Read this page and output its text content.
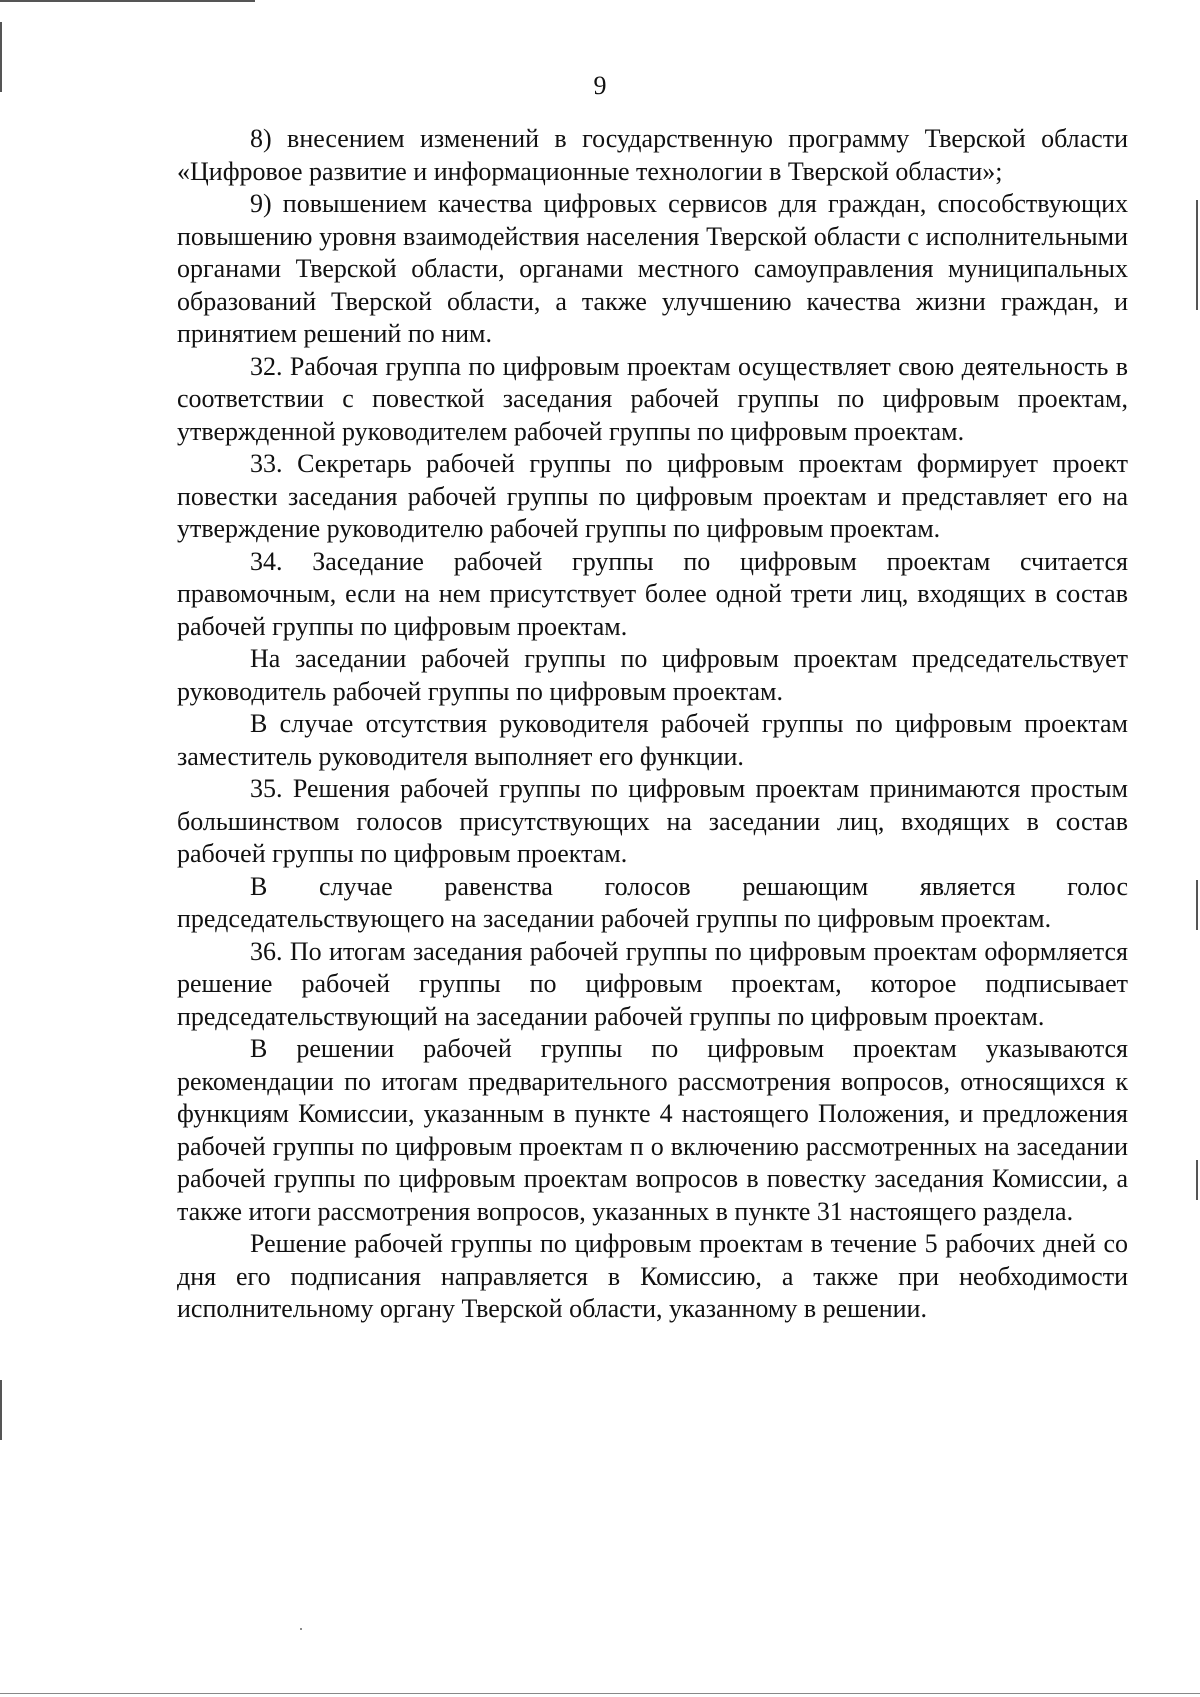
9

8) внесением изменений в государственную программу Тверской области «Цифровое развитие и информационные технологии в Тверской области»;

9) повышением качества цифровых сервисов для граждан, способствующих повышению уровня взаимодействия населения Тверской области с исполнительными органами Тверской области, органами местного самоуправления муниципальных образований Тверской области, а также улучшению качества жизни граждан, и принятием решений по ним.

32. Рабочая группа по цифровым проектам осуществляет свою деятельность в соответствии с повесткой заседания рабочей группы по цифровым проектам, утвержденной руководителем рабочей группы по цифровым проектам.

33. Секретарь рабочей группы по цифровым проектам формирует проект повестки заседания рабочей группы по цифровым проектам и представляет его на утверждение руководителю рабочей группы по цифровым проектам.

34. Заседание рабочей группы по цифровым проектам считается правомочным, если на нем присутствует более одной трети лиц, входящих в состав рабочей группы по цифровым проектам.

На заседании рабочей группы по цифровым проектам председательствует руководитель рабочей группы по цифровым проектам.

В случае отсутствия руководителя рабочей группы по цифровым проектам заместитель руководителя выполняет его функции.

35. Решения рабочей группы по цифровым проектам принимаются простым большинством голосов присутствующих на заседании лиц, входящих в состав рабочей группы по цифровым проектам.

В случае равенства голосов решающим является голос председательствующего на заседании рабочей группы по цифровым проектам.

36. По итогам заседания рабочей группы по цифровым проектам оформляется решение рабочей группы по цифровым проектам, которое подписывает председательствующий на заседании рабочей группы по цифровым проектам.

В решении рабочей группы по цифровым проектам указываются рекомендации по итогам предварительного рассмотрения вопросов, относящихся к функциям Комиссии, указанным в пункте 4 настоящего Положения, и предложения рабочей группы по цифровым проектам п о включению рассмотренных на заседании рабочей группы по цифровым проектам вопросов в повестку заседания Комиссии, а также итоги рассмотрения вопросов, указанных в пункте 31 настоящего раздела.

Решение рабочей группы по цифровым проектам в течение 5 рабочих дней со дня его подписания направляется в Комиссию, а также при необходимости исполнительному органу Тверской области, указанному в решении.
